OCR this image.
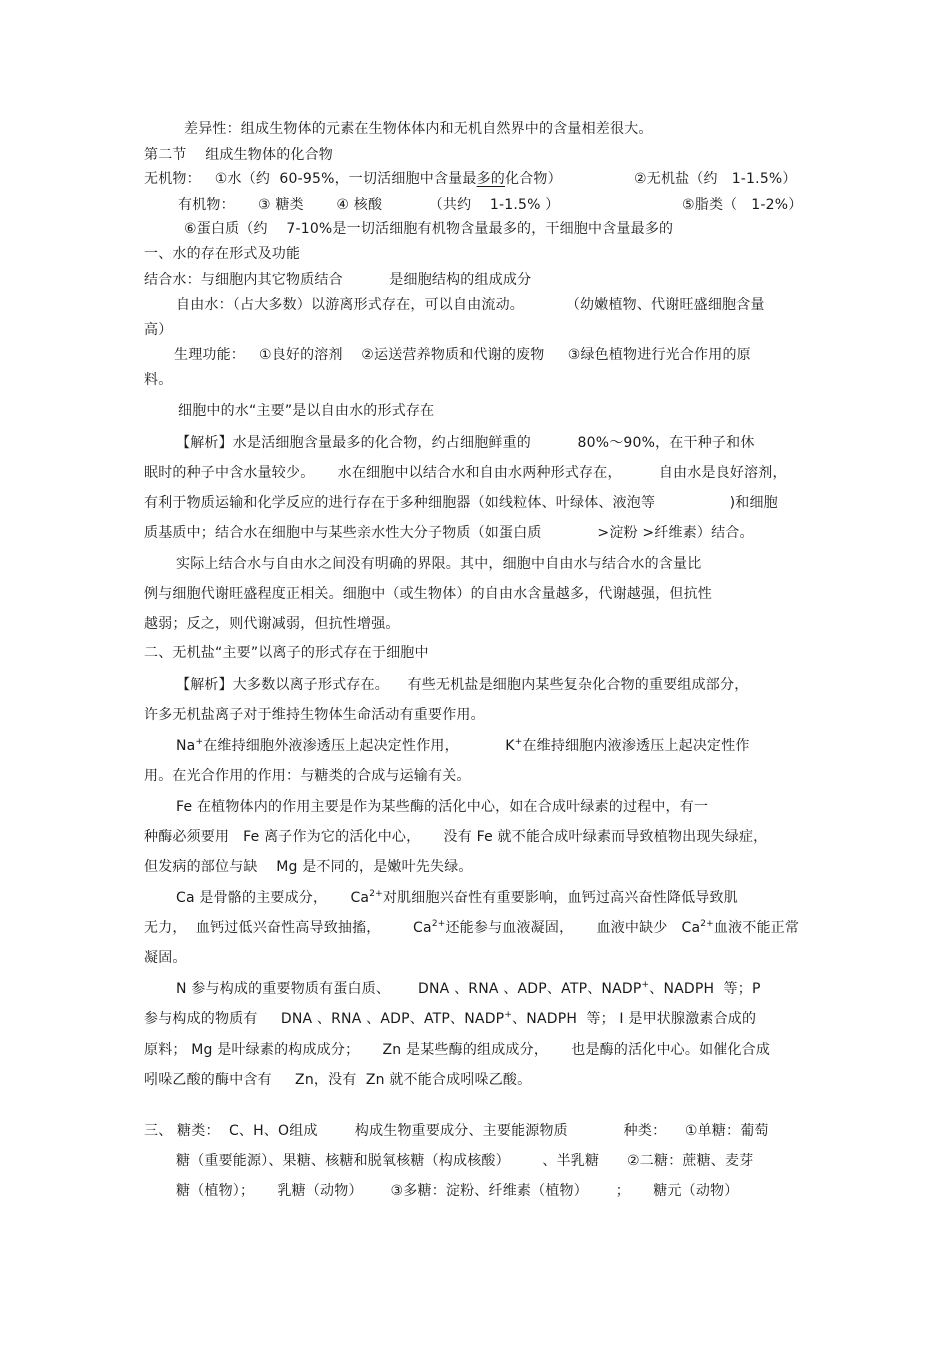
差异性：组成生物体的元素在生物体体内和无机自然界中的含量相差很大。
第二节    组成生物体的化合物
无机物：   ①水（约  60-95%，一切活细胞中含量最多的化合物）	②无机盐（约   1-1.5%）
有机物：     ③ 糖类       ④ 核酸          （共约    1-1.5% ）	⑤脂类（   1-2%）
⑥蛋白质（约    7-10%是一切活细胞有机物含量最多的，干细胞中含量最多的
一、水的存在形式及功能
结合水：与细胞内其它物质结合          是细胞结构的组成成分
自由水：（占大多数）以游离形式存在，可以自由流动。         （幼嫩植物、代谢旺盛细胞含量
高）
生理功能：   ①良好的溶剂    ②运送营养物质和代谢的废物     ③绿色植物进行光合作用的原
料。
细胞中的水“主要”是以自由水的形式存在
【解析】水是活细胞含量最多的化合物，约占细胞鲜重的          80%～90%，在干种子和休
眠时的种子中含水量较少。     水在细胞中以结合水和自由水两种形式存在，        自由水是良好溶剂，
有利于物质运输和化学反应的进行存在于多种细胞器（如线粒体、叶绿体、液泡等                )和细胞
质基质中；结合水在细胞中与某些亲水性大分子物质（如蛋白质            >淀粉 >纤维素）结合。
实际上结合水与自由水之间没有明确的界限。其中，细胞中自由水与结合水的含量比
例与细胞代谢旺盛程度正相关。细胞中（或生物体）的自由水含量越多，代谢越强，但抗性
越弱；反之，则代谢减弱，但抗性增强。
二、无机盐“主要”以离子的形式存在于细胞中
【解析】大多数以离子形式存在。    有些无机盐是细胞内某些复杂化合物的重要组成部分，
许多无机盐离子对于维持生物体生命活动有重要作用。
Na+在维持细胞外液渗透压上起决定性作用，          K+在维持细胞内液渗透压上起决定性作
用。在光合作用的作用：与糖类的合成与运输有关。
Fe 在植物体内的作用主要是作为某些酶的活化中心，如在合成叶绿素的过程中，有一
种酶必须要用   Fe 离子作为它的活化中心，     没有 Fe 就不能合成叶绿素而导致植物出现失绿症，
但发病的部位与缺    Mg 是不同的，是嫩叶先失绿。
Ca 是骨骼的主要成分，     $Ca^{2+}$对肌细胞兴奋性有重要影响，血钙过高兴奋性降低导致肌
无力，  血钙过低兴奋性高导致抽搐，       $Ca^{2+}$还能参与血液凝固，     血液中缺少   $Ca^{2+}$血液不能正常
凝固。
N 参与构成的重要物质有蛋白质、      DNA 、RNA 、ADP、ATP、NADP+、NADPH  等；P
参与构成的物质有     DNA 、RNA 、ADP、ATP、NADP+、NADPH  等； I 是甲状腺激素合成的
原料； Mg 是叶绿素的构成成分；     Zn 是某些酶的组成成分，     也是酶的活化中心。如催化合成
吲哚乙酸的酶中含有     Zn，没有  Zn 就不能合成吲哚乙酸。
三、 糖类：  C、H、O组成        构成生物重要成分、主要能源物质            种类：    ①单糖：葡萄
糖（重要能源）、果糖、核糖和脱氧核糖（构成核酸）       、半乳糖      ②二糖：蔗糖、麦芽
糖（植物）；     乳糖（动物）      ③多糖：淀粉、纤维素（植物）      ；     糖元（动物）
